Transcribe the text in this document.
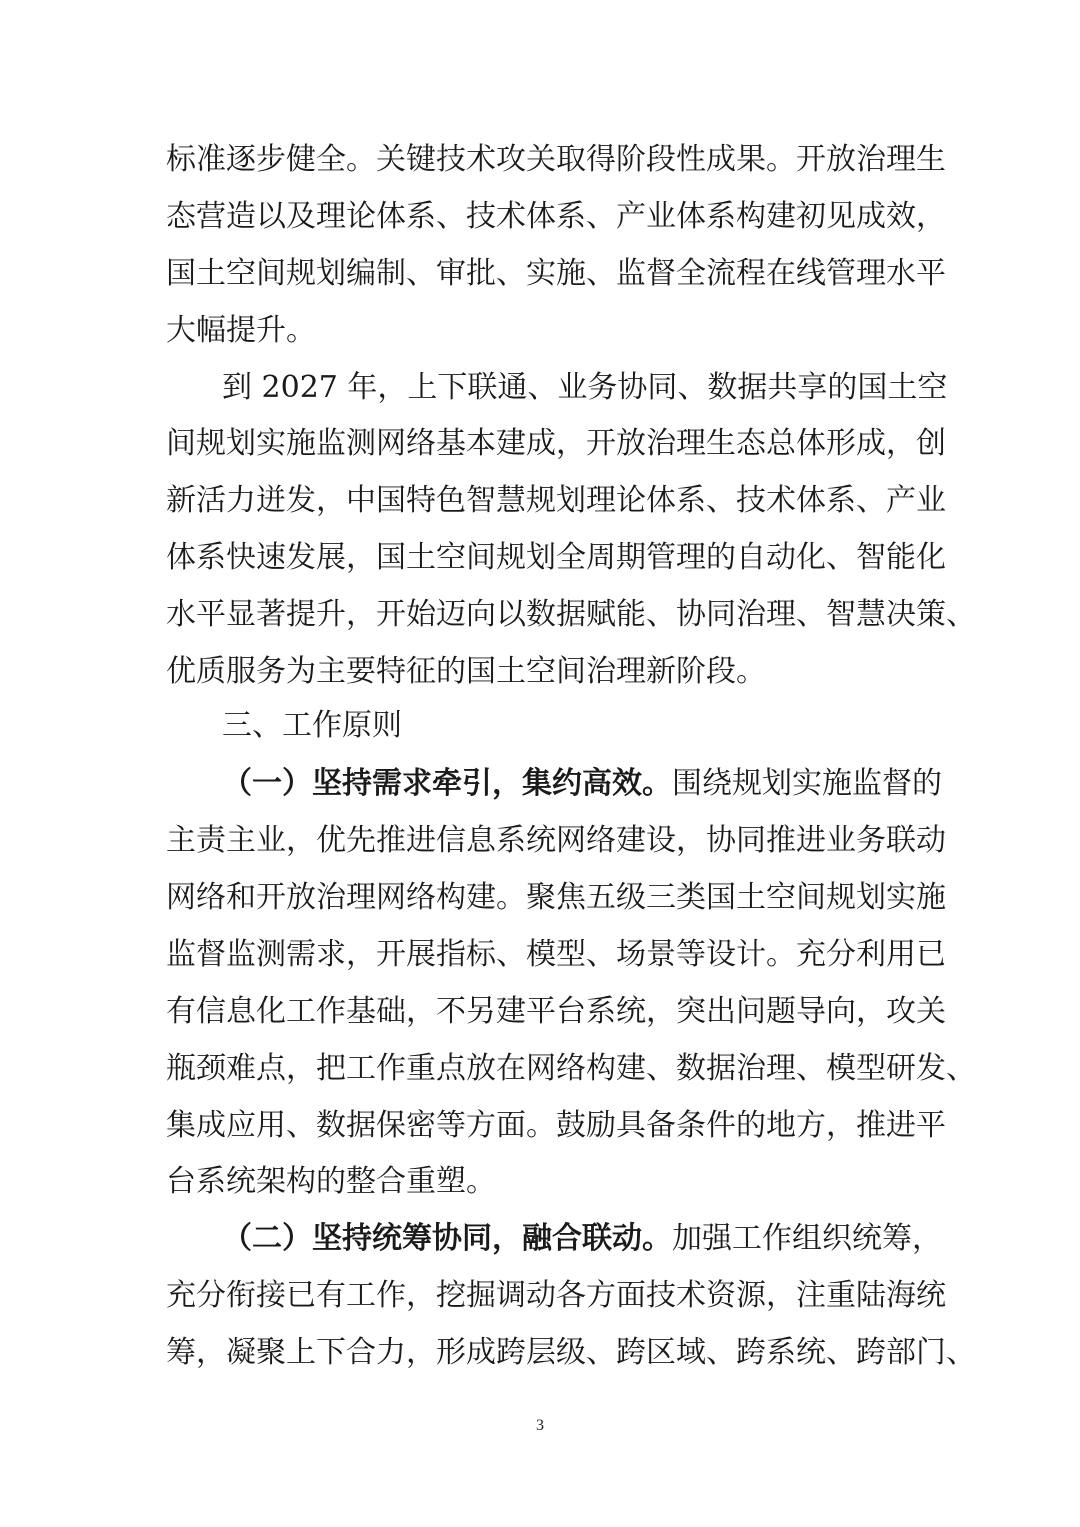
标准逐步健全。关键技术攻关取得阶段性成果。开放治理生
态营造以及理论体系、技术体系、产业体系构建初见成效，
国土空间规划编制、审批、实施、监督全流程在线管理水平
大幅提升。
到 2027 年，上下联通、业务协同、数据共享的国土空
间规划实施监测网络基本建成，开放治理生态总体形成，创
新活力迸发，中国特色智慧规划理论体系、技术体系、产业
体系快速发展，国土空间规划全周期管理的自动化、智能化
水平显著提升，开始迈向以数据赋能、协同治理、智慧决策、
优质服务为主要特征的国土空间治理新阶段。
三、工作原则
（一）坚持需求牵引，集约高效。围绕规划实施监督的
主责主业，优先推进信息系统网络建设，协同推进业务联动
网络和开放治理网络构建。聚焦五级三类国土空间规划实施
监督监测需求，开展指标、模型、场景等设计。充分利用已
有信息化工作基础，不另建平台系统，突出问题导向，攻关
瓶颈难点，把工作重点放在网络构建、数据治理、模型研发、
集成应用、数据保密等方面。鼓励具备条件的地方，推进平
台系统架构的整合重塑。
（二）坚持统筹协同，融合联动。加强工作组织统筹，
充分衔接已有工作，挖掘调动各方面技术资源，注重陆海统
筹，凝聚上下合力，形成跨层级、跨区域、跨系统、跨部门、
3
